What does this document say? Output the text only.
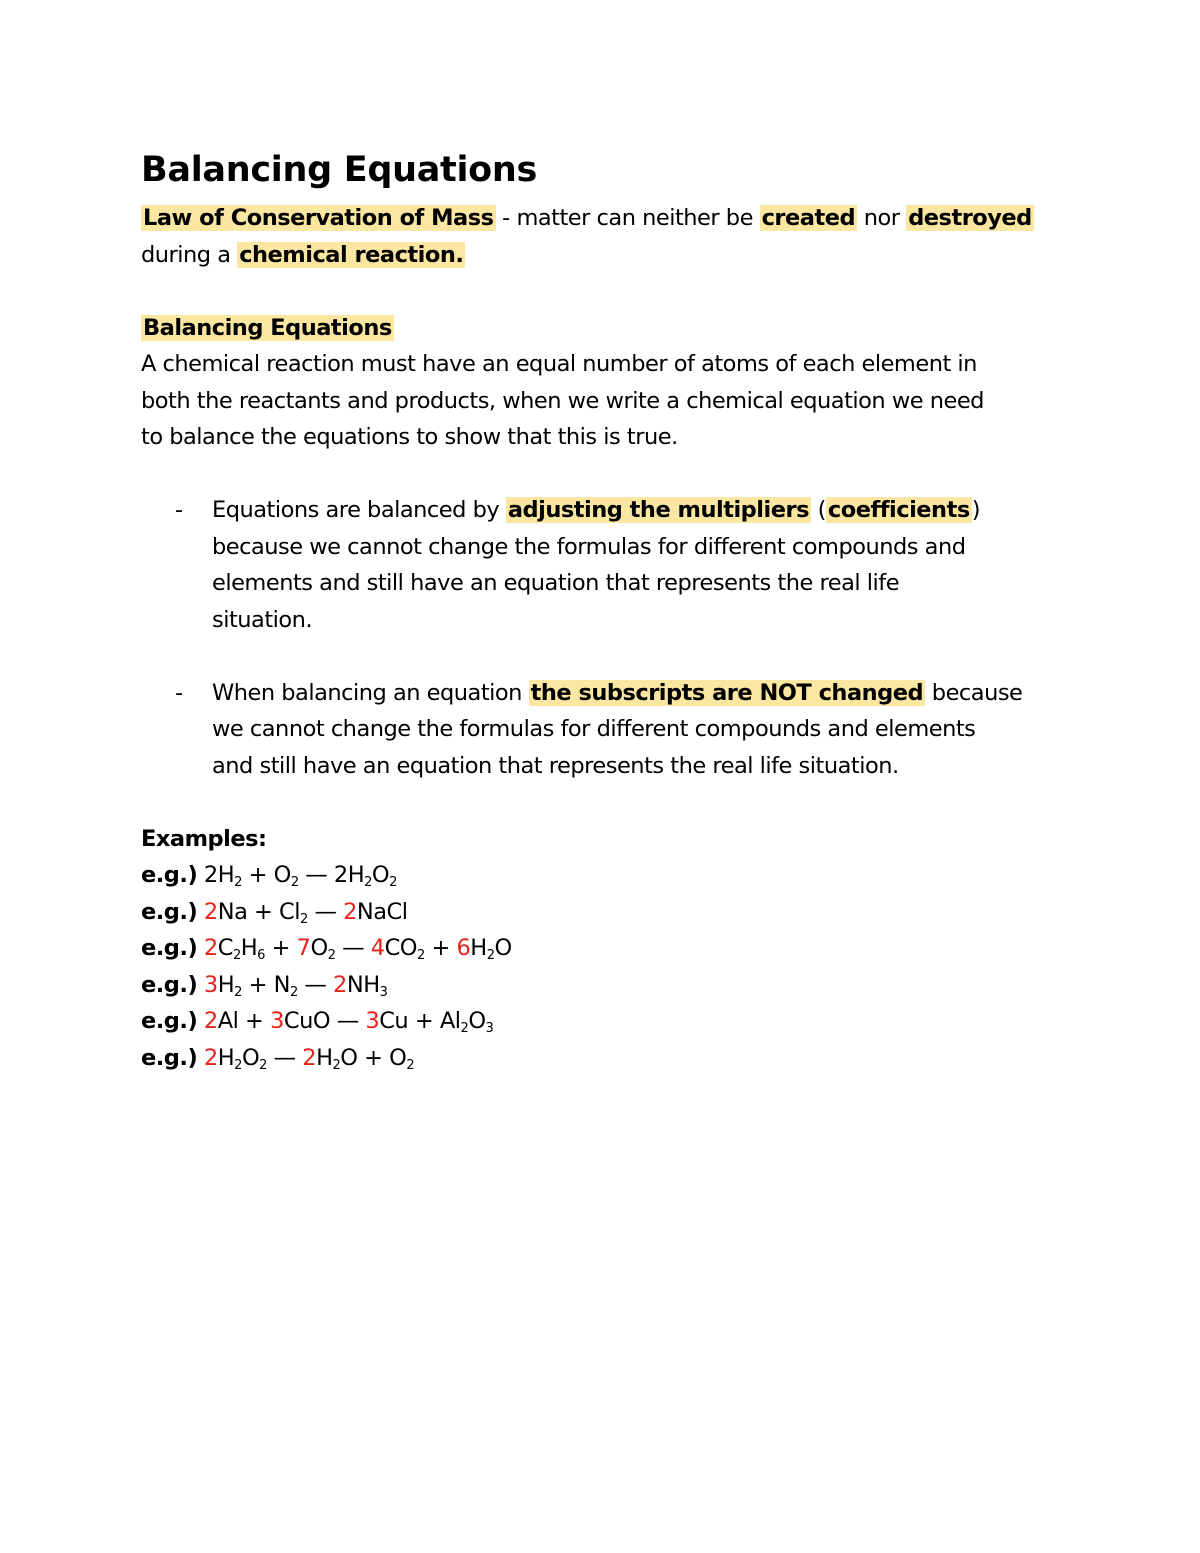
Balancing Equations

Law of Conservation of Mass - matter can neither be created nor destroyed

during a chemical reaction.

Balancing Equations

A chemical reaction must have an equal number of atoms of each element in

both the reactants and products, when we write a chemical equation we need

to balance the equations to show that this is true.

- Equations are balanced by adjusting the multipliers (coefficients)

because we cannot change the formulas for different compounds and

elements and still have an equation that represents the real life

situation.

- When balancing an equation the subscripts are NOT changed because

we cannot change the formulas for different compounds and elements

and still have an equation that represents the real life situation.

Examples:

e.g.) $2H_2 + O_2$ — $2H_2O_2$

e.g.) $2Na + Cl_2$ — 2NaCl

e.g.) $2C_2H_6 + 7O_2$ — $4CO_2 + 6H_2O$

e.g.) $3H_2 + N_2$ — $2NH_3$

e.g.) 2Al + 3CuO — $3Cu + Al_2O_3$

e.g.) $2H_2O_2$ — $2H_2O + O_2$
